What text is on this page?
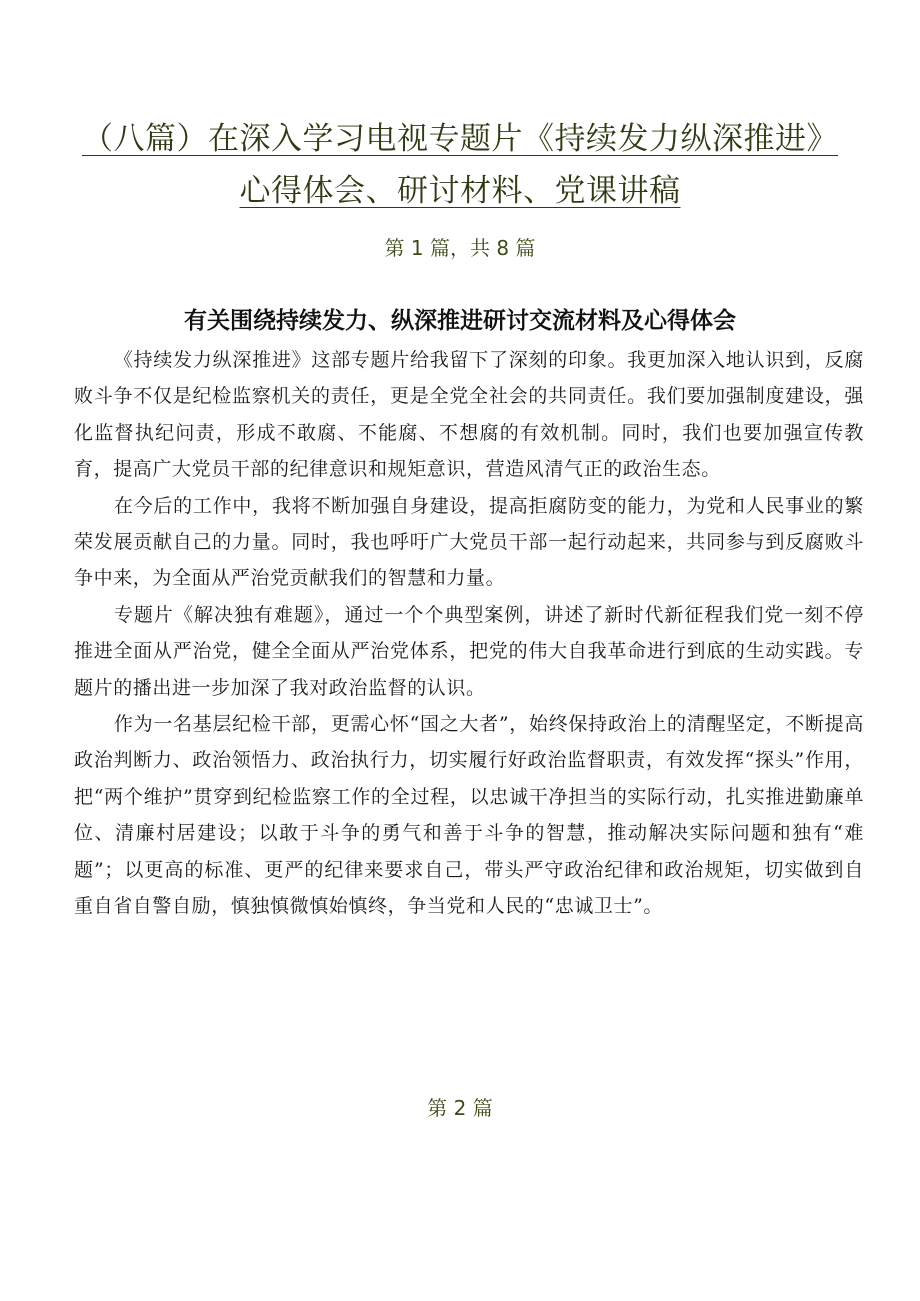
（八篇）在深入学习电视专题片《持续发力纵深推进》
心得体会、研讨材料、党课讲稿
第 1 篇，共 8 篇
有关围绕持续发力、纵深推进研讨交流材料及心得体会

《持续发力纵深推进》这部专题片给我留下了深刻的印象。我更加深入地认识到，反腐败斗争不仅是纪检监察机关的责任，更是全党全社会的共同责任。我们要加强制度建设，强化监督执纪问责，形成不敢腐、不能腐、不想腐的有效机制。同时，我们也要加强宣传教育，提高广大党员干部的纪律意识和规矩意识，营造风清气正的政治生态。

在今后的工作中，我将不断加强自身建设，提高拒腐防变的能力，为党和人民事业的繁荣发展贡献自己的力量。同时，我也呼吁广大党员干部一起行动起来，共同参与到反腐败斗争中来，为全面从严治党贡献我们的智慧和力量。

专题片《解决独有难题》，通过一个个典型案例，讲述了新时代新征程我们党一刻不停推进全面从严治党，健全全面从严治党体系，把党的伟大自我革命进行到底的生动实践。专题片的播出进一步加深了我对政治监督的认识。

作为一名基层纪检干部，更需心怀“国之大者”，始终保持政治上的清醒坚定，不断提高政治判断力、政治领悟力、政治执行力，切实履行好政治监督职责，有效发挥“探头”作用，把“两个维护”贯穿到纪检监察工作的全过程，以忠诚干净担当的实际行动，扎实推进勤廉单位、清廉村居建设；以敢于斗争的勇气和善于斗争的智慧，推动解决实际问题和独有“难题”；以更高的标准、更严的纪律来要求自己，带头严守政治纪律和政治规矩，切实做到自重自省自警自励，慎独慎微慎始慎终，争当党和人民的“忠诚卫士”。

第 2 篇
